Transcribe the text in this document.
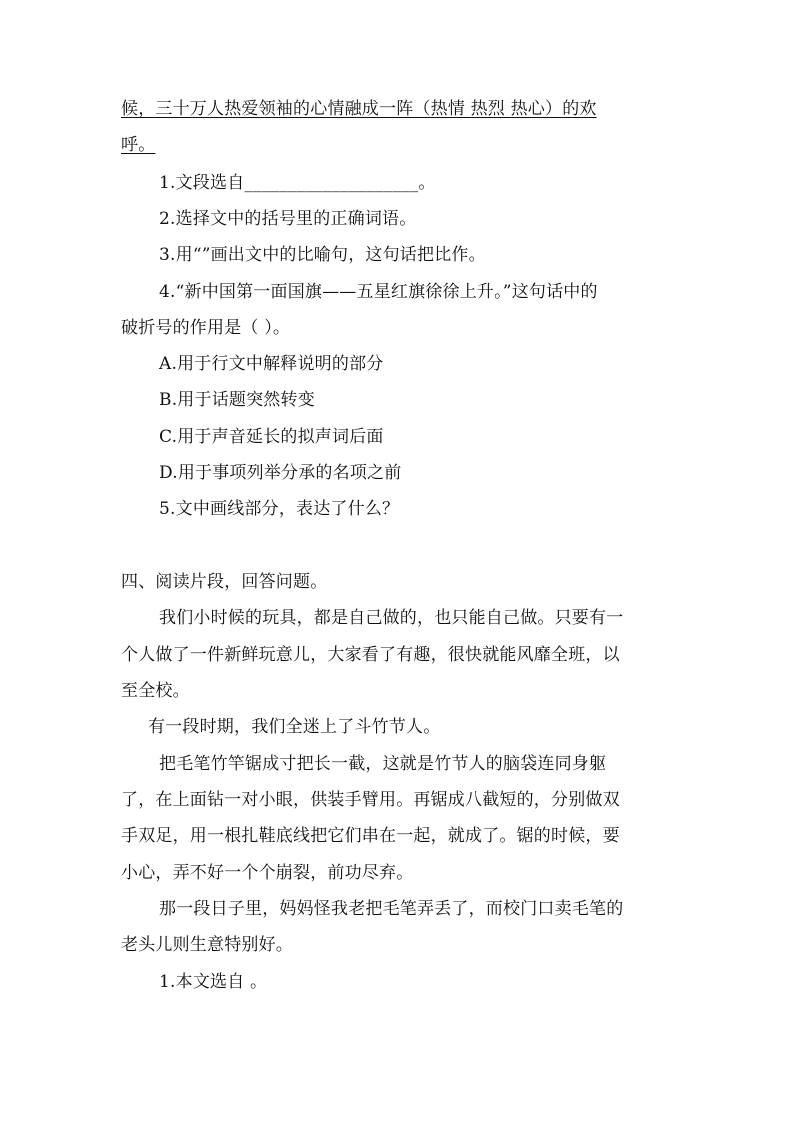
候，三十万人热爱领袖的心情融成一阵（热情 热烈 热心）的欢
呼。
1.文段选自____________________。
2.选择文中的括号里的正确词语。
3.用“”画出文中的比喻句，这句话把比作。
4.“新中国第一面国旗——五星红旗徐徐上升。”这句话中的
破折号的作用是（ ）。
A.用于行文中解释说明的部分
B.用于话题突然转变
C.用于声音延长的拟声词后面
D.用于事项列举分承的名项之前
5.文中画线部分，表达了什么？
四、阅读片段，回答问题。
我们小时候的玩具，都是自己做的，也只能自己做。只要有一
个人做了一件新鲜玩意儿，大家看了有趣，很快就能风靡全班，以
至全校。
有一段时期，我们全迷上了斗竹节人。
把毛笔竹竿锯成寸把长一截，这就是竹节人的脑袋连同身躯
了，在上面钻一对小眼，供装手臂用。再锯成八截短的，分别做双
手双足，用一根扎鞋底线把它们串在一起，就成了。锯的时候，要
小心，弄不好一个个崩裂，前功尽弃。
那一段日子里，妈妈怪我老把毛笔弄丢了，而校门口卖毛笔的
老头儿则生意特别好。
1.本文选自 。
